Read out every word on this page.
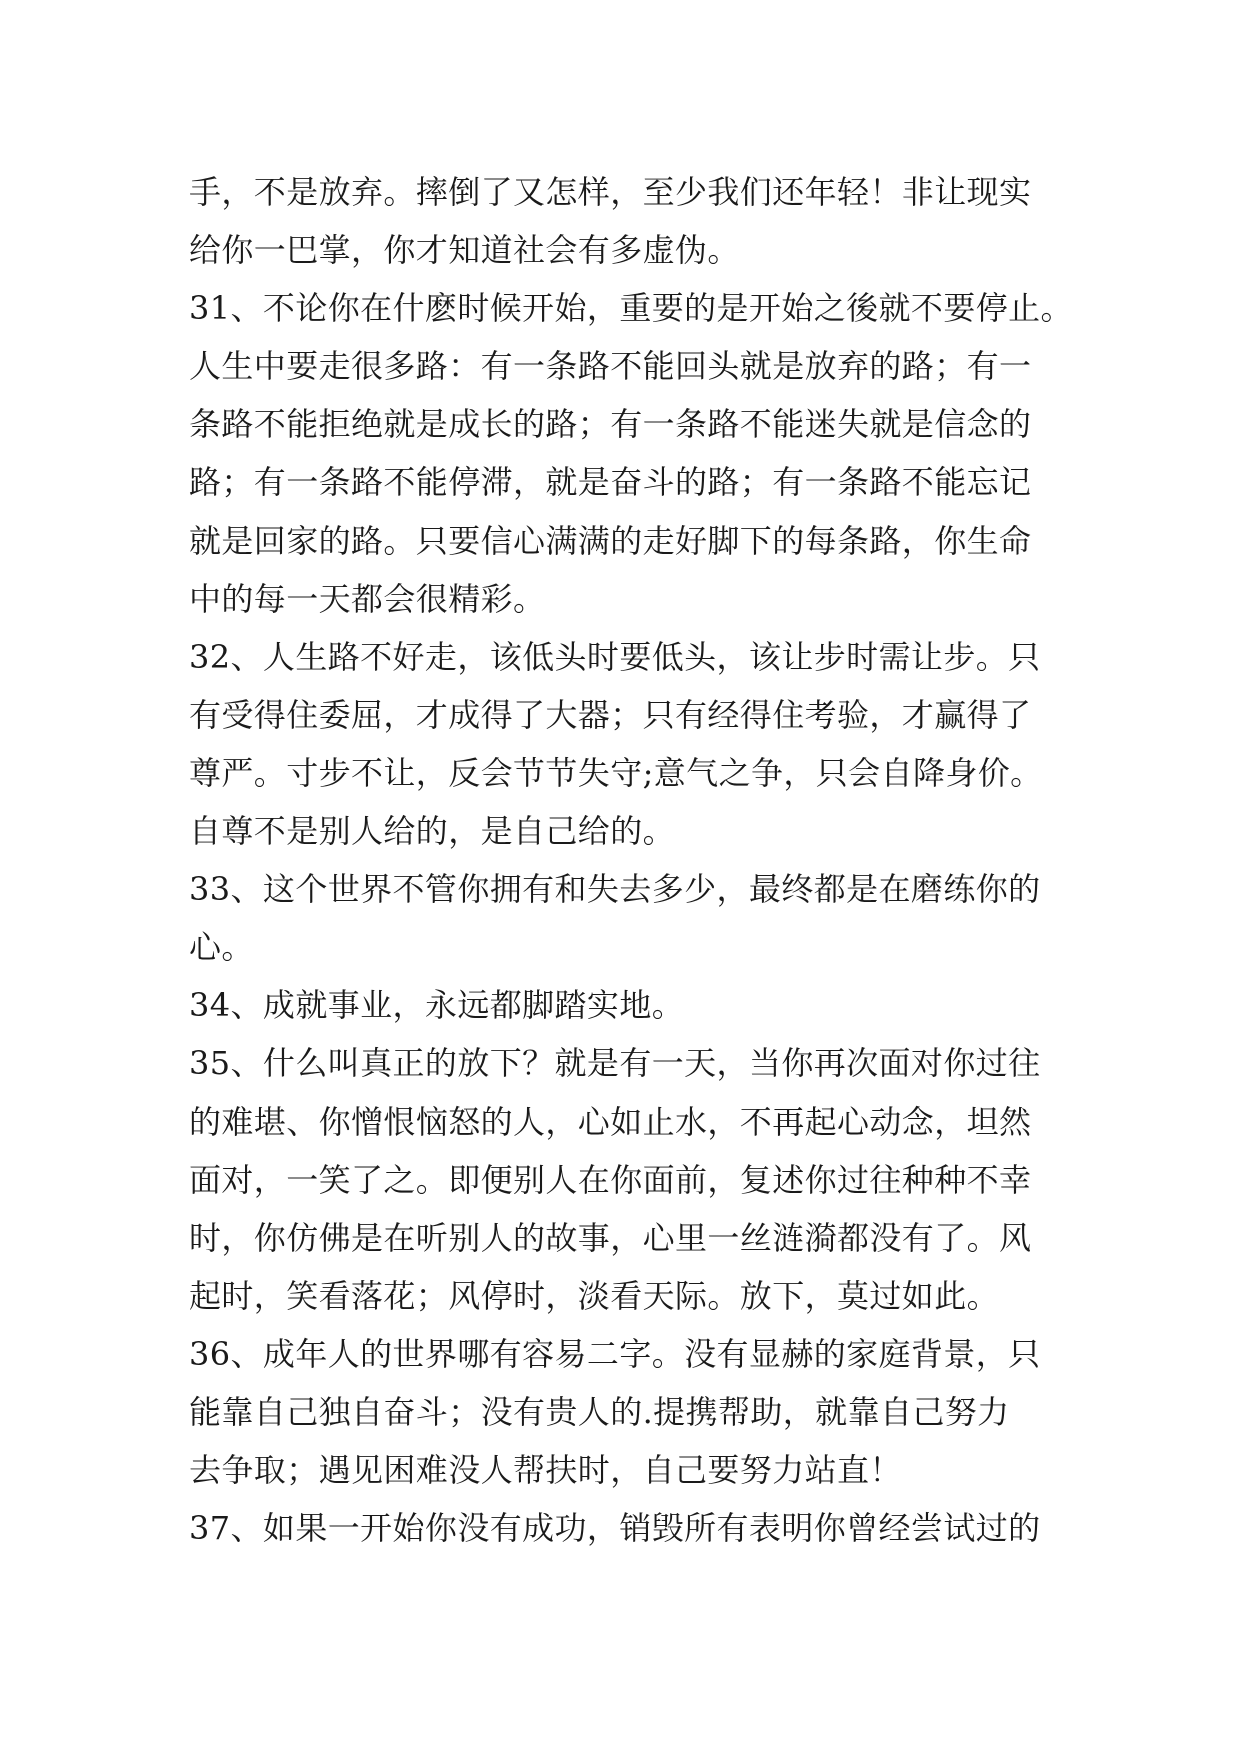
手，不是放弃。摔倒了又怎样，至少我们还年轻！非让现实
给你一巴掌，你才知道社会有多虚伪。
31、不论你在什麽时候开始，重要的是开始之後就不要停止。
人生中要走很多路：有一条路不能回头就是放弃的路；有一
条路不能拒绝就是成长的路；有一条路不能迷失就是信念的
路；有一条路不能停滞，就是奋斗的路；有一条路不能忘记
就是回家的路。只要信心满满的走好脚下的每条路，你生命
中的每一天都会很精彩。
32、人生路不好走，该低头时要低头，该让步时需让步。只
有受得住委屈，才成得了大器；只有经得住考验，才赢得了
尊严。寸步不让，反会节节失守;意气之争，只会自降身价。
自尊不是别人给的，是自己给的。
33、这个世界不管你拥有和失去多少，最终都是在磨练你的
心。
34、成就事业，永远都脚踏实地。
35、什么叫真正的放下？就是有一天，当你再次面对你过往
的难堪、你憎恨恼怒的人，心如止水，不再起心动念，坦然
面对，一笑了之。即便别人在你面前，复述你过往种种不幸
时，你仿佛是在听别人的故事，心里一丝涟漪都没有了。风
起时，笑看落花；风停时，淡看天际。放下，莫过如此。
36、成年人的世界哪有容易二字。没有显赫的家庭背景，只
能靠自己独自奋斗；没有贵人的.提携帮助，就靠自己努力
去争取；遇见困难没人帮扶时，自己要努力站直！
37、如果一开始你没有成功，销毁所有表明你曾经尝试过的
